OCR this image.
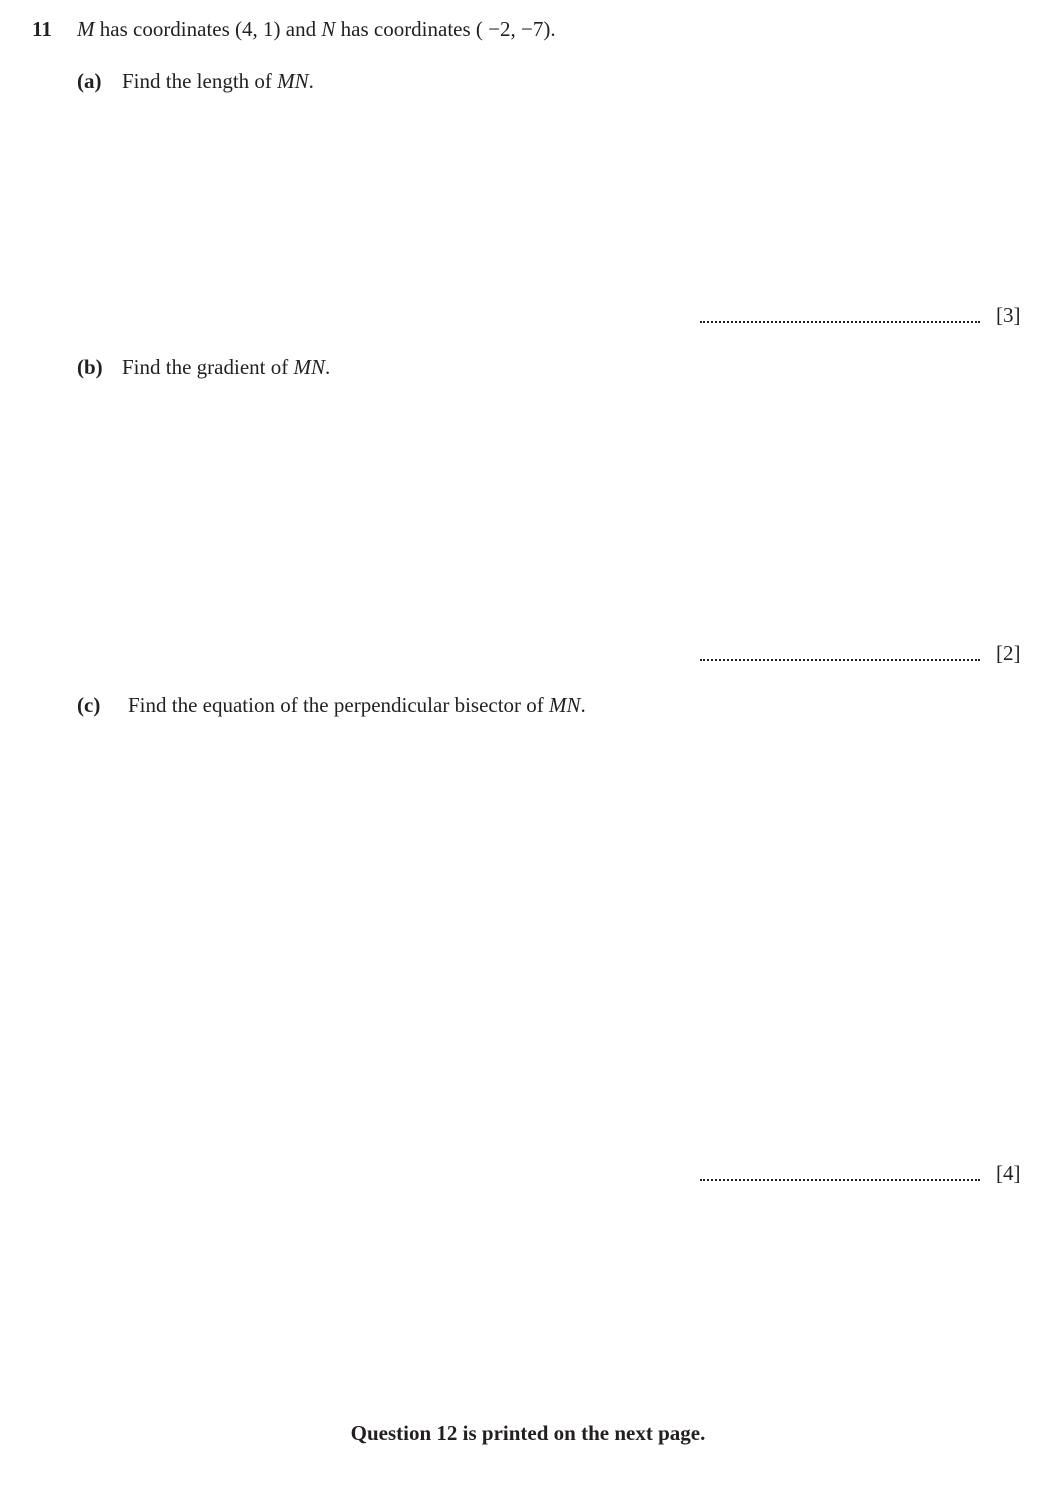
11 M has coordinates (4, 1) and N has coordinates ( −2, −7).
(a) Find the length of MN.
[3]
(b) Find the gradient of MN.
[2]
(c) Find the equation of the perpendicular bisector of MN.
[4]
Question 12 is printed on the next page.
